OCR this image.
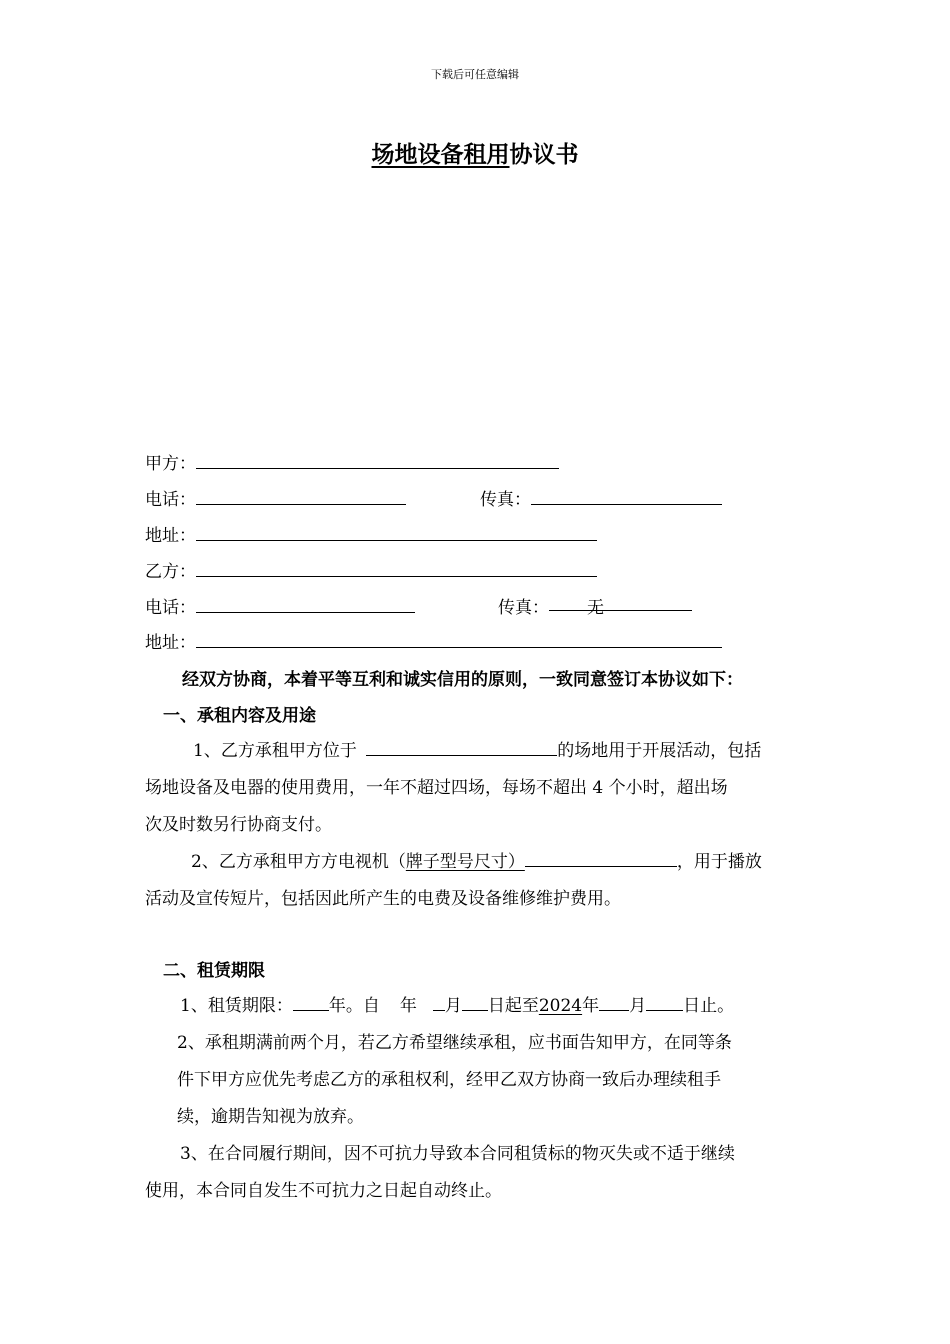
下载后可任意编辑
场地设备租用协议书
甲方：
电话：	传真：
地址：
乙方：
电话：	传真： 无
地址：
经双方协商，本着平等互利和诚实信用的原则，一致同意签订本协议如下：
一、承租内容及用途
1、乙方承租甲方位于	的场地用于开展活动，包括
场地设备及电器的使用费用，一年不超过四场，每场不超出 4 个小时，超出场
次及时数另行协商支付。
2、乙方承租甲方方电视机（牌子型号尺寸）	，用于播放
活动及宣传短片，包括因此所产生的电费及设备维修维护费用。
二、租赁期限
1、租赁期限： 年。自 年 月 日起至2024年 月 日止。
2、承租期满前两个月，若乙方希望继续承租，应书面告知甲方，在同等条
件下甲方应优先考虑乙方的承租权利，经甲乙双方协商一致后办理续租手
续，逾期告知视为放弃。
3、在合同履行期间，因不可抗力导致本合同租赁标的物灭失或不适于继续
使用，本合同自发生不可抗力之日起自动终止。
